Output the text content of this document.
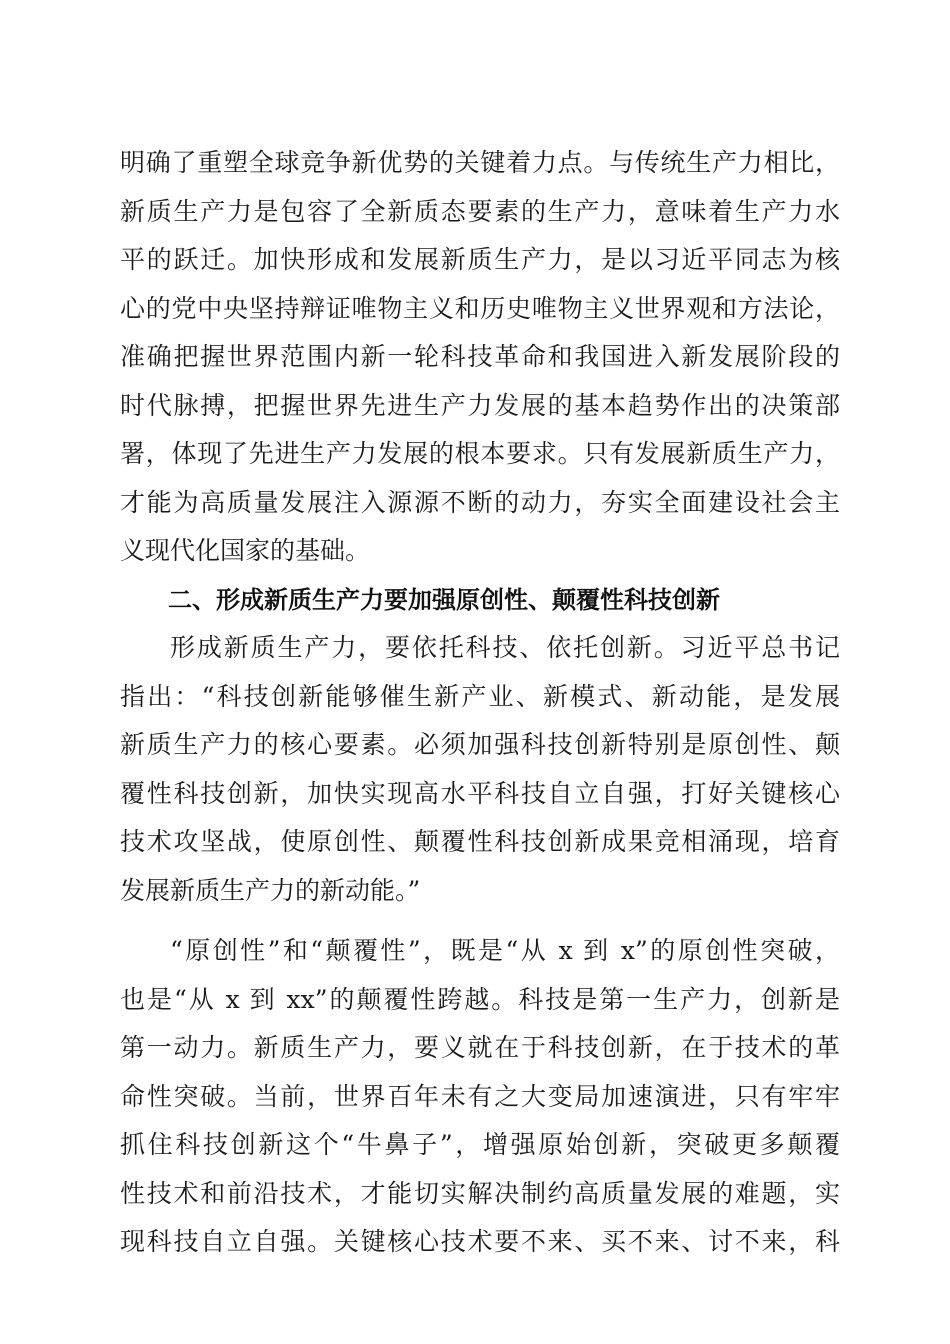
明确了重塑全球竞争新优势的关键着力点。与传统生产力相比，
新质生产力是包容了全新质态要素的生产力，意味着生产力水
平的跃迁。加快形成和发展新质生产力，是以习近平同志为核
心的党中央坚持辩证唯物主义和历史唯物主义世界观和方法论，
准确把握世界范围内新一轮科技革命和我国进入新发展阶段的
时代脉搏，把握世界先进生产力发展的基本趋势作出的决策部
署，体现了先进生产力发展的根本要求。只有发展新质生产力，
才能为高质量发展注入源源不断的动力，夯实全面建设社会主
义现代化国家的基础。
二、形成新质生产力要加强原创性、颠覆性科技创新
形成新质生产力，要依托科技、依托创新。习近平总书记
指出：“科技创新能够催生新产业、新模式、新动能，是发展
新质生产力的核心要素。必须加强科技创新特别是原创性、颠
覆性科技创新，加快实现高水平科技自立自强，打好关键核心
技术攻坚战，使原创性、颠覆性科技创新成果竞相涌现，培育
发展新质生产力的新动能。”
“原创性”和“颠覆性”，既是“从 x 到 x”的原创性突破，
也是“从 x 到 xx”的颠覆性跨越。科技是第一生产力，创新是
第一动力。新质生产力，要义就在于科技创新，在于技术的革
命性突破。当前，世界百年未有之大变局加速演进，只有牢牢
抓住科技创新这个“牛鼻子”，增强原始创新，突破更多颠覆
性技术和前沿技术，才能切实解决制约高质量发展的难题，实
现科技自立自强。关键核心技术要不来、买不来、讨不来，科
